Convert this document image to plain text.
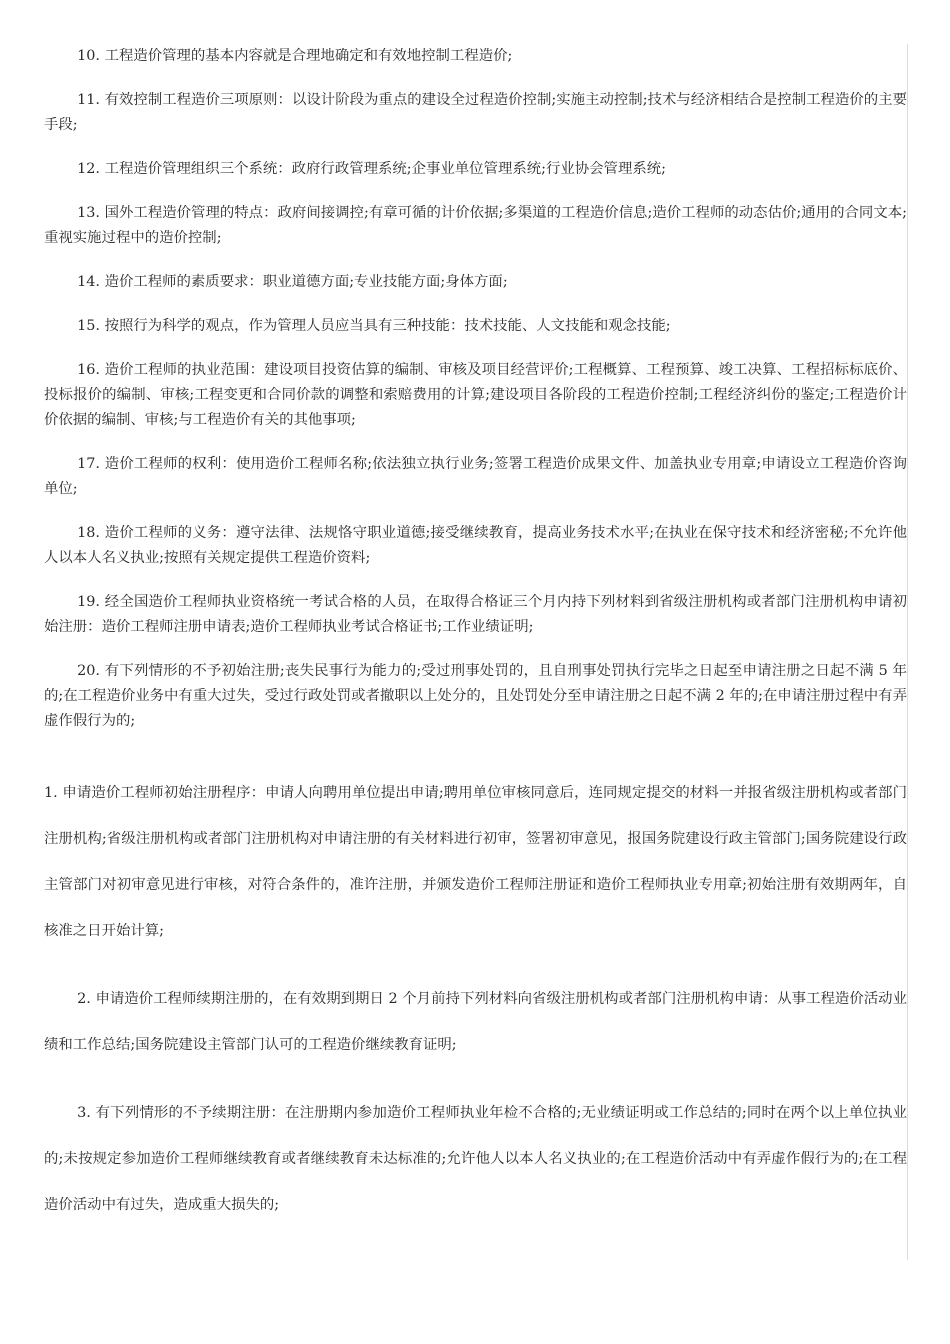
10. 工程造价管理的基本内容就是合理地确定和有效地控制工程造价;

11. 有效控制工程造价三项原则：以设计阶段为重点的建设全过程造价控制;实施主动控制;技术与经济相结合是控制工程造价的主要手段;

12. 工程造价管理组织三个系统：政府行政管理系统;企事业单位管理系统;行业协会管理系统;

13. 国外工程造价管理的特点：政府间接调控;有章可循的计价依据;多渠道的工程造价信息;造价工程师的动态估价;通用的合同文本;重视实施过程中的造价控制;

14. 造价工程师的素质要求：职业道德方面;专业技能方面;身体方面;

15. 按照行为科学的观点，作为管理人员应当具有三种技能：技术技能、人文技能和观念技能;

16. 造价工程师的执业范围：建设项目投资估算的编制、审核及项目经营评价;工程概算、工程预算、竣工决算、工程招标标底价、投标报价的编制、审核;工程变更和合同价款的调整和索赔费用的计算;建设项目各阶段的工程造价控制;工程经济纠份的鉴定;工程造价计价依据的编制、审核;与工程造价有关的其他事项;

17. 造价工程师的权利：使用造价工程师名称;依法独立执行业务;签署工程造价成果文件、加盖执业专用章;申请设立工程造价咨询单位;

18. 造价工程师的义务：遵守法律、法规恪守职业道德;接受继续教育，提高业务技术水平;在执业在保守技术和经济密秘;不允许他人以本人名义执业;按照有关规定提供工程造价资料;

19. 经全国造价工程师执业资格统一考试合格的人员，在取得合格证三个月内持下列材料到省级注册机构或者部门注册机构申请初始注册：造价工程师注册申请表;造价工程师执业考试合格证书;工作业绩证明;

20. 有下列情形的不予初始注册;丧失民事行为能力的;受过刑事处罚的，且自刑事处罚执行完毕之日起至申请注册之日起不满 5 年的;在工程造价业务中有重大过失，受过行政处罚或者撤职以上处分的，且处罚处分至申请注册之日起不满 2 年的;在申请注册过程中有弄虚作假行为的;

1. 申请造价工程师初始注册程序：申请人向聘用单位提出申请;聘用单位审核同意后，连同规定提交的材料一并报省级注册机构或者部门注册机构;省级注册机构或者部门注册机构对申请注册的有关材料进行初审，签署初审意见，报国务院建设行政主管部门;国务院建设行政主管部门对初审意见进行审核，对符合条件的，准许注册，并颁发造价工程师注册证和造价工程师执业专用章;初始注册有效期两年，自核准之日开始计算;

2. 申请造价工程师续期注册的，在有效期到期日 2 个月前持下列材料向省级注册机构或者部门注册机构申请：从事工程造价活动业绩和工作总结;国务院建设主管部门认可的工程造价继续教育证明;

3. 有下列情形的不予续期注册：在注册期内参加造价工程师执业年检不合格的;无业绩证明或工作总结的;同时在两个以上单位执业的;未按规定参加造价工程师继续教育或者继续教育未达标准的;允许他人以本人名义执业的;在工程造价活动中有弄虚作假行为的;在工程造价活动中有过失，造成重大损失的;
